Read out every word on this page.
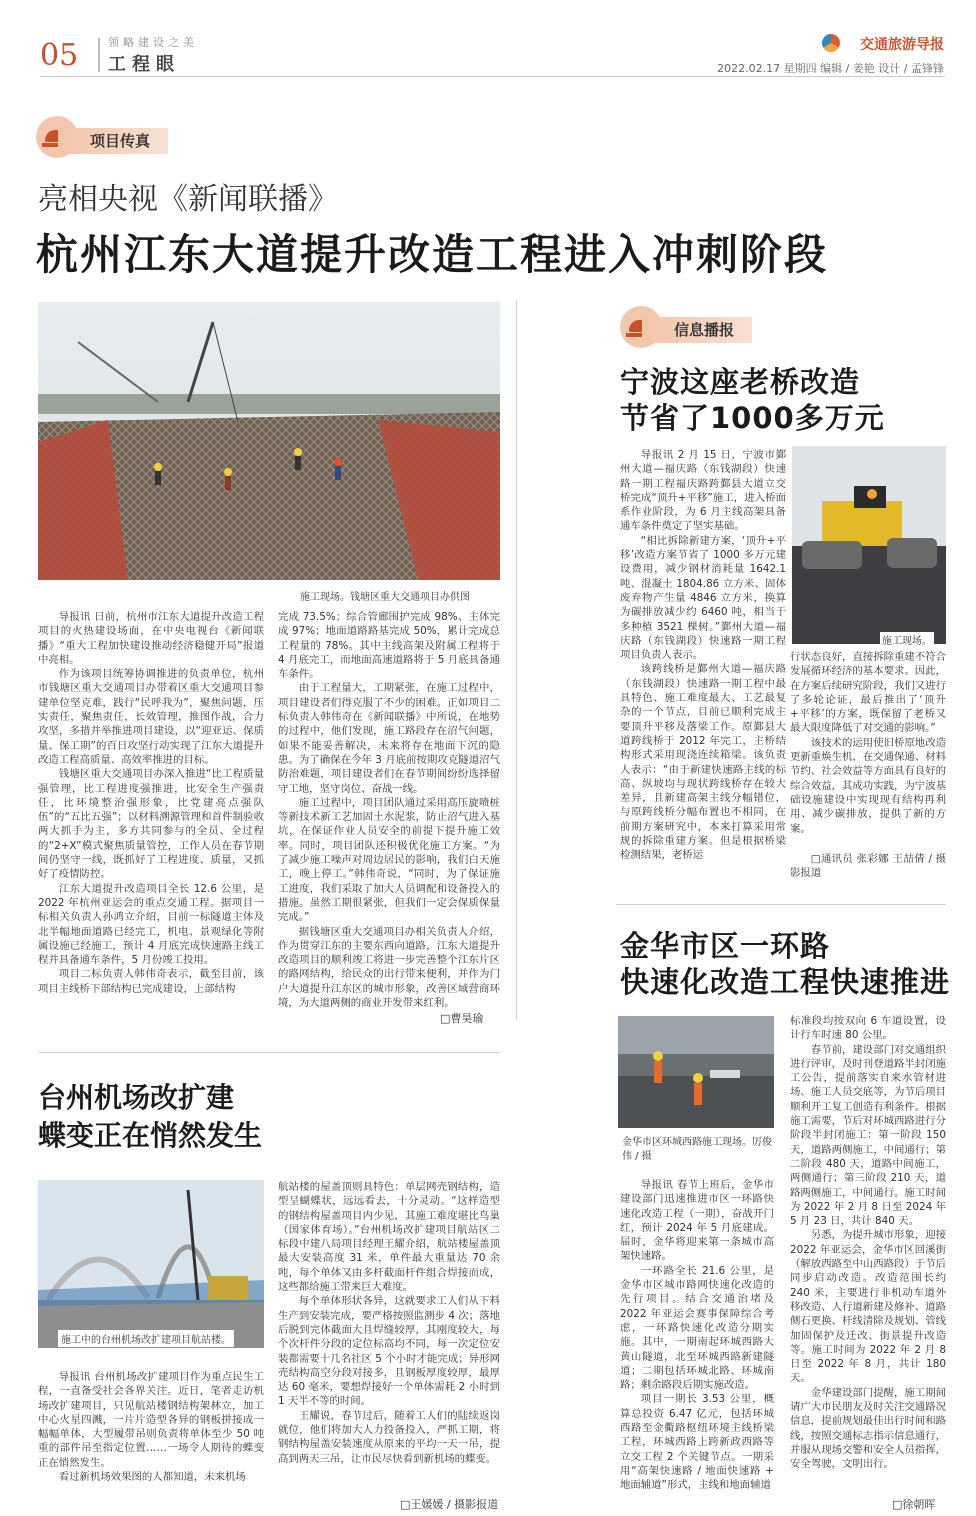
05	领略建设之美
工程眼
交通旅游导报
2022.02.17 星期四 编辑 / 姜艳 设计 / 孟锋锋
项目传真
亮相央视《新闻联播》
杭州江东大道提升改造工程进入冲刺阶段
施工现场。钱塘区重大交通项目办供图

导报讯 日前，杭州市江东大道提升改造工程项目的火热建设场面，在中央电视台《新闻联播》“重大工程加快建设推动经济稳健开局”报道中亮相。

作为该项目统筹协调推进的负责单位，杭州市钱塘区重大交通项目办带着区重大交通项目参建单位坚克难，践行“民呼我为”，聚焦问题，压实责任，聚焦责任，长效管理，推图作战，合力攻坚，多措并举推进项目建设，以“迎亚运、保质量、保工期”的百日攻坚行动实现了江东大道提升改造工程高质量、高效率推进的目标。

钱塘区重大交通项目办深入推进“比工程质量强管理，比工程进度强推进，比安全生产强责任，比环境整治强形象，比党建亮点强队伍”的“五比五强”；以材料溯源管理和首件制验收两大抓手为主，多方共同参与的全员、全过程的“2+X”模式聚焦质量管控，工作人员在春节期间仍坚守一线，既抓好了工程进度、质量，又抓好了疫情防控。

江东大道提升改造项目全长 12.6 公里，是 2022 年杭州亚运会的重点交通工程。据项目一标相关负责人孙鸿立介绍，目前一标隧道主体及北半幅地面道路已经完工，机电、景观绿化等附属设施已经施工，预计 4 月底完成快速路主线工程并具备通车条件，5 月份竣工投用。

项目二标负责人韩伟奇表示，截至目前，该项目主线桥下部结构已完成建设，上部结构

完成 73.5%；综合管廊围护完成 98%、主体完成 97%；地面道路路基完成 50%，累计完成总工程量的 78%。其中主线高架及附属工程将于 4 月底完工，而地面高速道路将于 5 月底具备通车条件。

由于工程量大，工期紧张，在施工过程中，项目建设者们得克服了不少的困难。正如项目二标负责人韩伟奇在《新闻联播》中所说，在地势的过程中，他们发现，施工路段存在沼气问题，如果不能妥善解决，未来将存在地面下沉的隐患。为了确保在今年 3 月底前按期攻克隧道沼气防治难题，项目建设者们在春节期间纷纷选择留守工地，坚守岗位、奋战一线。

施工过程中，项目团队通过采用高压旋喷桩等新技术新工艺加固土水泥浆，防止沼气进入基坑，在保证作业人员安全的前提下提升施工效率。同时，项目团队还积极优化施工方案。“为了减少施工噪声对周边居民的影响，我们白天施工，晚上停工。”韩伟奇说，“同时，为了保证施工进度，我们采取了加大人员调配和设备投入的措施。虽然工期很紧张，但我们一定会保质保量完成。”

据钱塘区重大交通项目办相关负责人介绍，作为贯穿江东的主要东西向道路，江东大道提升改造项目的顺利竣工将进一步完善整个江东片区的路网结构，给民众的出行带来便利，并作为门户大道提升江东区的城市形象，改善区域营商环境，为大道两侧的商业开发带来红利。

□曹昊瑜
信息播报
宁波这座老桥改造
节省了1000多万元
施工现场。

导报讯 2 月 15 日，宁波市鄞州大道—福庆路（东钱湖段）快速路一期工程福庆路跨鄞县大道立交桥完成“顶升+平移”施工，进入桥面系作业阶段，为 6 月主线高架具备通车条件奠定了坚实基础。

“相比拆除新建方案，‘顶升+平移’改造方案节省了 1000 多万元建设费用，减少钢材消耗量 1642.1 吨、混凝土 1804.86 立方米、固体废弃物产生量 4846 立方米，换算为碳排放减少约 6460 吨，相当于多种植 3521 棵树。”鄞州大道—福庆路（东钱湖段）快速路一期工程项目负责人表示。

该跨线桥是鄞州大道—福庆路（东钱湖段）快速路一期工程中最具特色、施工难度最大、工艺最复杂的一个节点，目前已顺利完成主要顶升平移及落梁工作。原鄞县大道跨线桥于 2012 年完工，主桥结构形式采用现浇连续箱梁。该负责人表示：“由于新建快速路主线的标高、纵坡均与现状跨线桥存在较大差异，且新建高架主线分幅错位，与原跨线桥分幅布置也不相同，在前期方案研究中，本来打算采用常规的拆除重建方案。但是根据桥梁检测结果，老桥运

行状态良好，直接拆除重建不符合发展循环经济的基本要求。因此，在方案后续研究阶段，我们又进行了多轮论证，最后推出了‘顶升+平移’的方案，既保留了老桥又最大限度降低了对交通的影响。”

该技术的运用使旧桥原地改造更新重焕生机，在交通保通、材料节约、社会效益等方面具有良好的综合效益，其成功实践，为宁波基础设施建设中实现现有结构再利用、减少碳排放，提供了新的方案。

□通讯员 张彩娜 王喆倩 / 摄影报道

金华市区一环路
快速化改造工程快速推进
金华市区环城西路施工现场。厉俊伟 / 摄

导报讯 春节上班后，金华市建设部门迅速推进市区一环路快速化改造工程（一期），奋战开门红，预计 2024 年 5 月底建成。届时，金华将迎来第一条城市高架快速路。

一环路全长 21.6 公里，是金华市区城市路网快速化改造的先行项目。结合交通治堵及 2022 年亚运会赛事保障综合考虑，一环路快速化改造分期实施。其中，一期南起环城西路大黄山隧道，北至环城西路新建隧道；二期包括环城北路、环城南路；剩余路段后期实施改造。

项目一期长 3.53 公里，概算总投资 6.47 亿元，包括环城西路至金衢路枢纽环境主线桥梁工程，环城西路上跨新政西路等立交工程 2 个关键节点。一期采用“高架快速路 / 地面快速路 + 地面辅道”形式，主线和地面辅道

标准段均按双向 6 车道设置，设计行车时速 80 公里。

春节前，建设部门对交通组织进行评审，及时刊登道路半封闭施工公告，提前落实自来水管材进场、施工人员交底等，为节后项目顺利开工复工创造有利条件。根据施工需要，节后对环城西路进行分阶段半封闭施工：第一阶段 150 天，道路两侧施工，中间通行；第二阶段 480 天，道路中间施工，两侧通行；第三阶段 210 天，道路两侧施工，中间通行。施工时间为 2022 年 2 月 8 日至 2024 年 5 月 23 日，共计 840 天。

另悉，为提升城市形象，迎接 2022 年亚运会，金华市区回溪街（解放西路至中山西路段）于节后同步启动改造。改造范围长约 240 米，主要进行非机动车道外移改造、人行道新建及修补、道路侧石更换、杆线清除及规划、管线加固保护及迁改、街景提升改造等。施工时间为 2022 年 2 月 8 日至 2022 年 8 月，共计 180 天。

金华建设部门提醒，施工期间请广大市民朋友及时关注交通路况信息，提前规划最佳出行时间和路线，按照交通标志指示信息通行，并服从现场交警和安全人员指挥，安全驾驶，文明出行。

□徐朝晖
台州机场改扩建
蝶变正在悄然发生
施工中的台州机场改扩建项目航站楼。

导报讯 台州机场改扩建项目作为重点民生工程，一直备受社会各界关注。近日，笔者走访机场改扩建项目，只见航站楼钢结构架林立，加工中心火星四溅，一片片造型各异的钢板拼接成一幅幅单体，大型履带吊则负责将单体至少 50 吨重的部件吊至指定位置……一场令人期待的蝶变正在悄然发生。

看过新机场效果图的人都知道，未来机场

航站楼的屋盖顶则具特色：单层网壳钢结构，造型呈蝴蝶状，远远看去，十分灵动。“这样造型的钢结构屋盖项目内少见，其施工难度堪比鸟巢（国家体育场）。”台州机场改扩建项目航站区二标段中建八局项目经理王耀介绍，航站楼屋盖顶最大安装高度 31 米，单件最大重量达 70 余吨，每个单体又由多杆截面杆件组合焊接而成，这些都给施工带来巨大难度。

每个单体形状各异，这就要求工人们从下料生产到安装完成，要严格按照监测步 4 次；落地后脱到完体截面大且焊缝较厚，其刚度较大，每个次杆件分段的定位标高均不同，每一次定位安装都需要十几名社区 5 个小时才能完成；异形网壳结构高空分段对接多，且钢板厚度较厚，最厚达 60 毫米，要想焊接好一个单体需耗 2 小时到 1 天半不等的时间。

王耀说，春节过后，随着工人们的陆续返岗就位，他们将加大人力投备投入，严抓工期，将钢结构屋盖安装速度从原来的平均一天一吊，提高到两天三吊，让市民尽快看到新机场的蝶变。

□王媛媛 / 摄影报道
